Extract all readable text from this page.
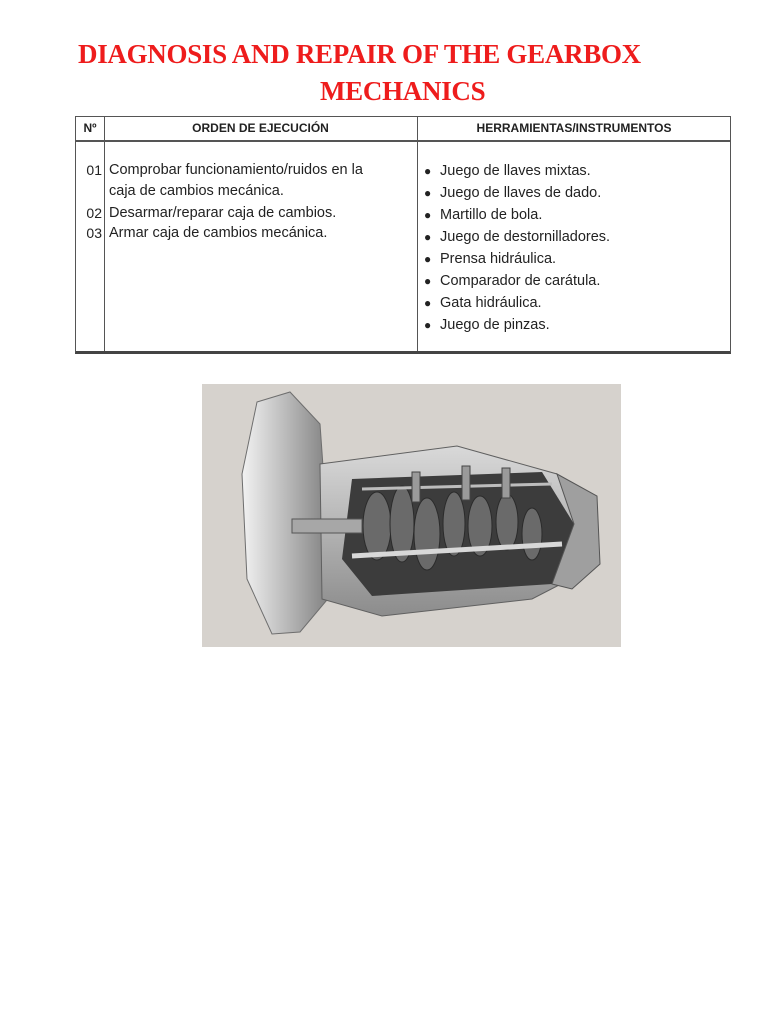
DIAGNOSIS AND REPAIR OF THE GEARBOX
MECHANICS
Nº	ORDEN DE EJECUCIÓN	HERRAMIENTAS/INSTRUMENTOS
01 Comprobar funcionamiento/ruidos en la
caja de cambios mecánica.
02 Desarmar/reparar caja de cambios.
03 Armar caja de cambios mecánica.
● Juego de llaves mixtas.
● Juego de llaves de dado.
● Martillo de bola.
● Juego de destornilladores.
● Prensa hidráulica.
● Comparador de carátula.
● Gata hidráulica.
● Juego de pinzas.
